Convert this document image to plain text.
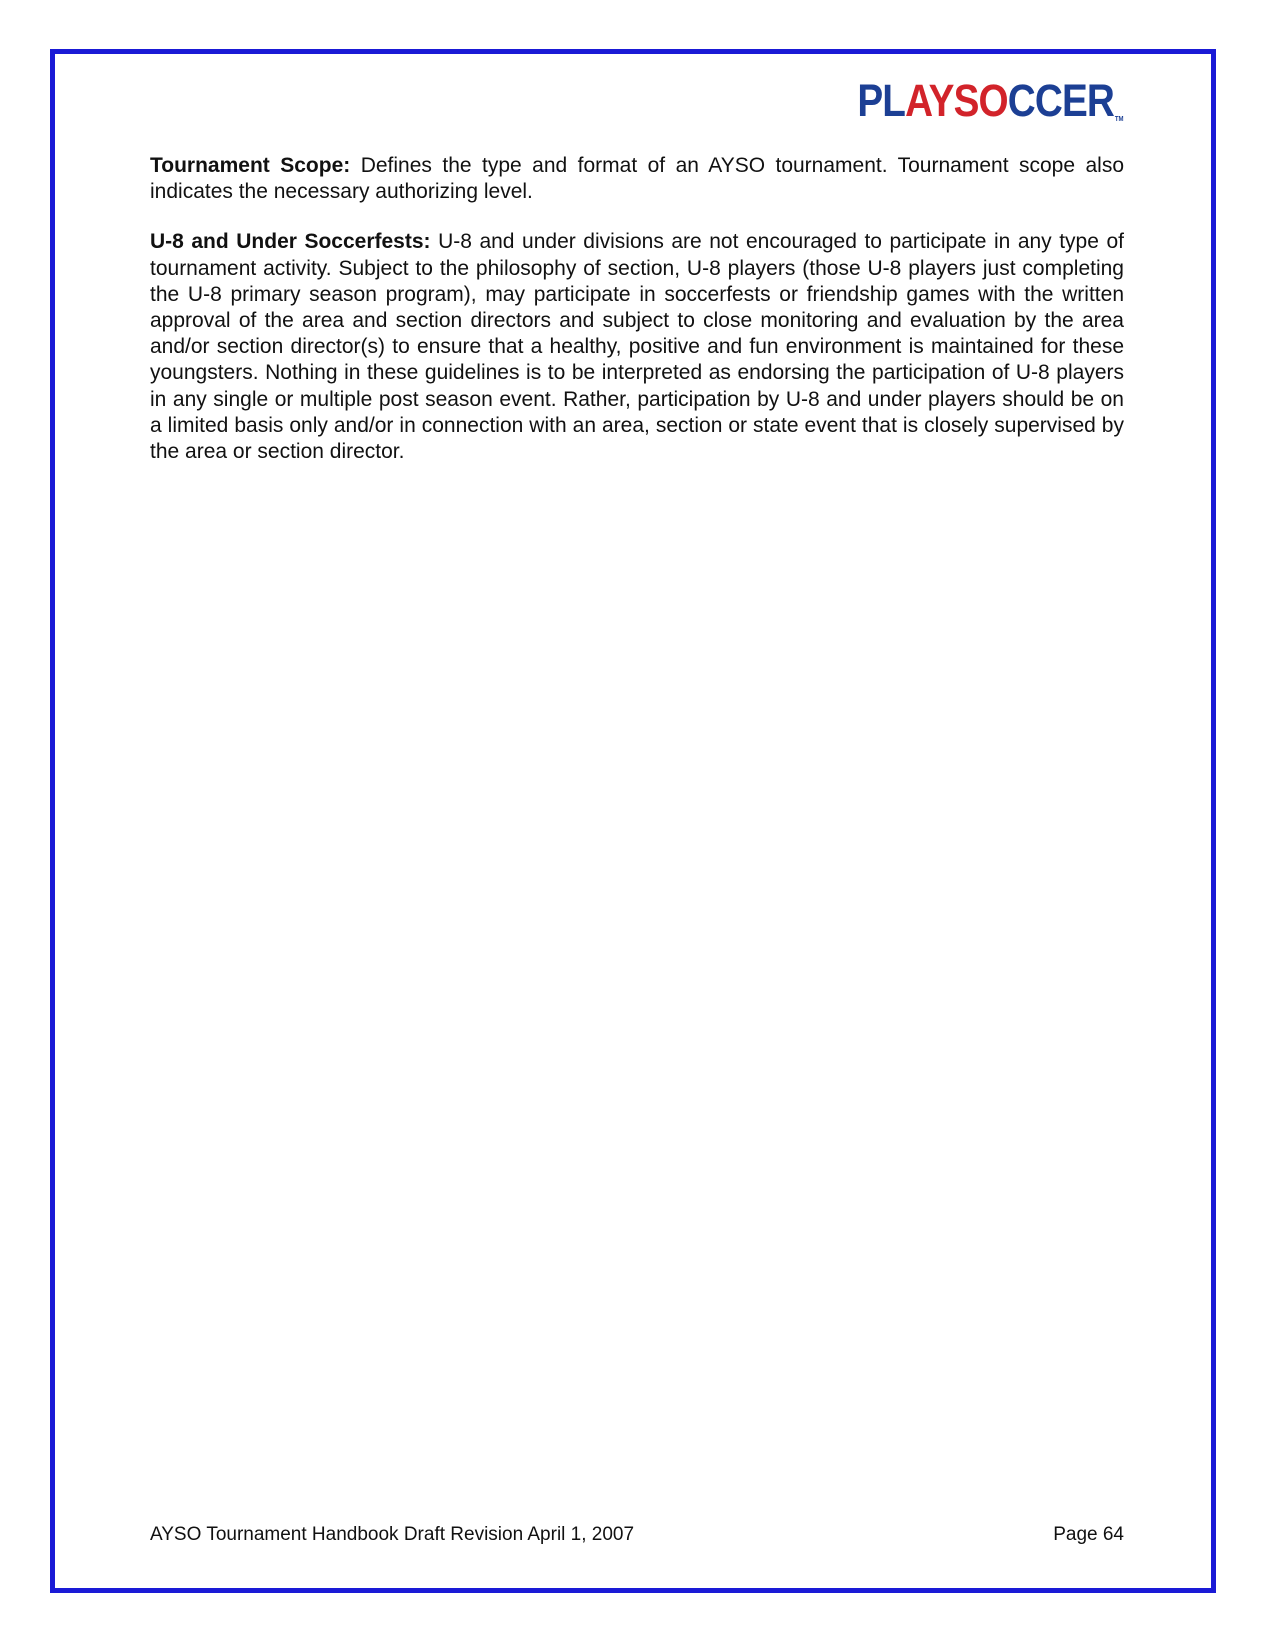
PLAYSOCCERTM

Tournament Scope: Defines the type and format of an AYSO tournament. Tournament scope also indicates the necessary authorizing level.

U-8 and Under Soccerfests: U-8 and under divisions are not encouraged to participate in any type of tournament activity. Subject to the philosophy of section, U-8 players (those U-8 players just completing the U-8 primary season program), may participate in soccerfests or friendship games with the written approval of the area and section directors and subject to close monitoring and evaluation by the area and/or section director(s) to ensure that a healthy, positive and fun environment is maintained for these youngsters. Nothing in these guidelines is to be interpreted as endorsing the participation of U-8 players in any single or multiple post season event. Rather, participation by U-8 and under players should be on a limited basis only and/or in connection with an area, section or state event that is closely supervised by the area or section director.

AYSO Tournament Handbook Draft Revision April 1, 2007	Page 64
